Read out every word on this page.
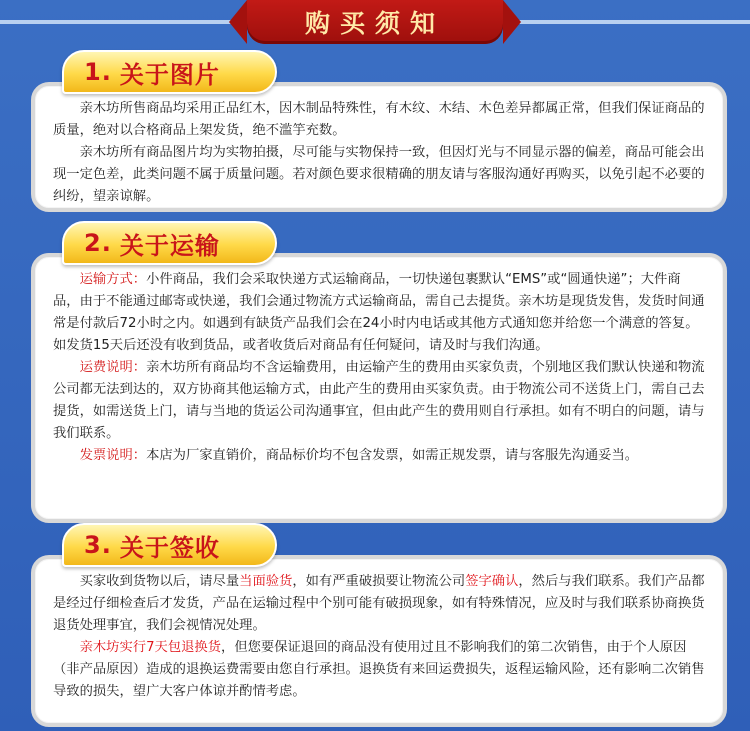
购买须知
1. 关于图片

亲木坊所售商品均采用正品红木，因木制品特殊性，有木纹、木结、木色差异都属正常，但我们保证商品的质量，绝对以合格商品上架发货，绝不滥竽充数。

亲木坊所有商品图片均为实物拍摄，尽可能与实物保持一致，但因灯光与不同显示器的偏差，商品可能会出现一定色差，此类问题不属于质量问题。若对颜色要求很精确的朋友请与客服沟通好再购买，以免引起不必要的纠纷，望亲谅解。

2. 关于运输

运输方式：小件商品，我们会采取快递方式运输商品，一切快递包裹默认“EMS”或“圆通快递”；大件商品，由于不能通过邮寄或快递，我们会通过物流方式运输商品，需自己去提货。亲木坊是现货发售，发货时间通常是付款后72小时之内。如遇到有缺货产品我们会在24小时内电话或其他方式通知您并给您一个满意的答复。如发货15天后还没有收到货品，或者收货后对商品有任何疑问，请及时与我们沟通。

运费说明：亲木坊所有商品均不含运输费用，由运输产生的费用由买家负责，个别地区我们默认快递和物流公司都无法到达的，双方协商其他运输方式，由此产生的费用由买家负责。由于物流公司不送货上门，需自己去提货，如需送货上门，请与当地的货运公司沟通事宜，但由此产生的费用则自行承担。如有不明白的问题，请与我们联系。

发票说明：本店为厂家直销价，商品标价均不包含发票，如需正规发票，请与客服先沟通妥当。

3. 关于签收

买家收到货物以后，请尽量当面验货，如有严重破损要让物流公司签字确认，然后与我们联系。我们产品都是经过仔细检查后才发货，产品在运输过程中个别可能有破损现象，如有特殊情况，应及时与我们联系协商换货退货处理事宜，我们会视情况处理。

亲木坊实行7天包退换货，但您要保证退回的商品没有使用过且不影响我们的第二次销售，由于个人原因（非产品原因）造成的退换运费需要由您自行承担。退换货有来回运费损失，返程运输风险，还有影响二次销售导致的损失，望广大客户体谅并酌情考虑。
